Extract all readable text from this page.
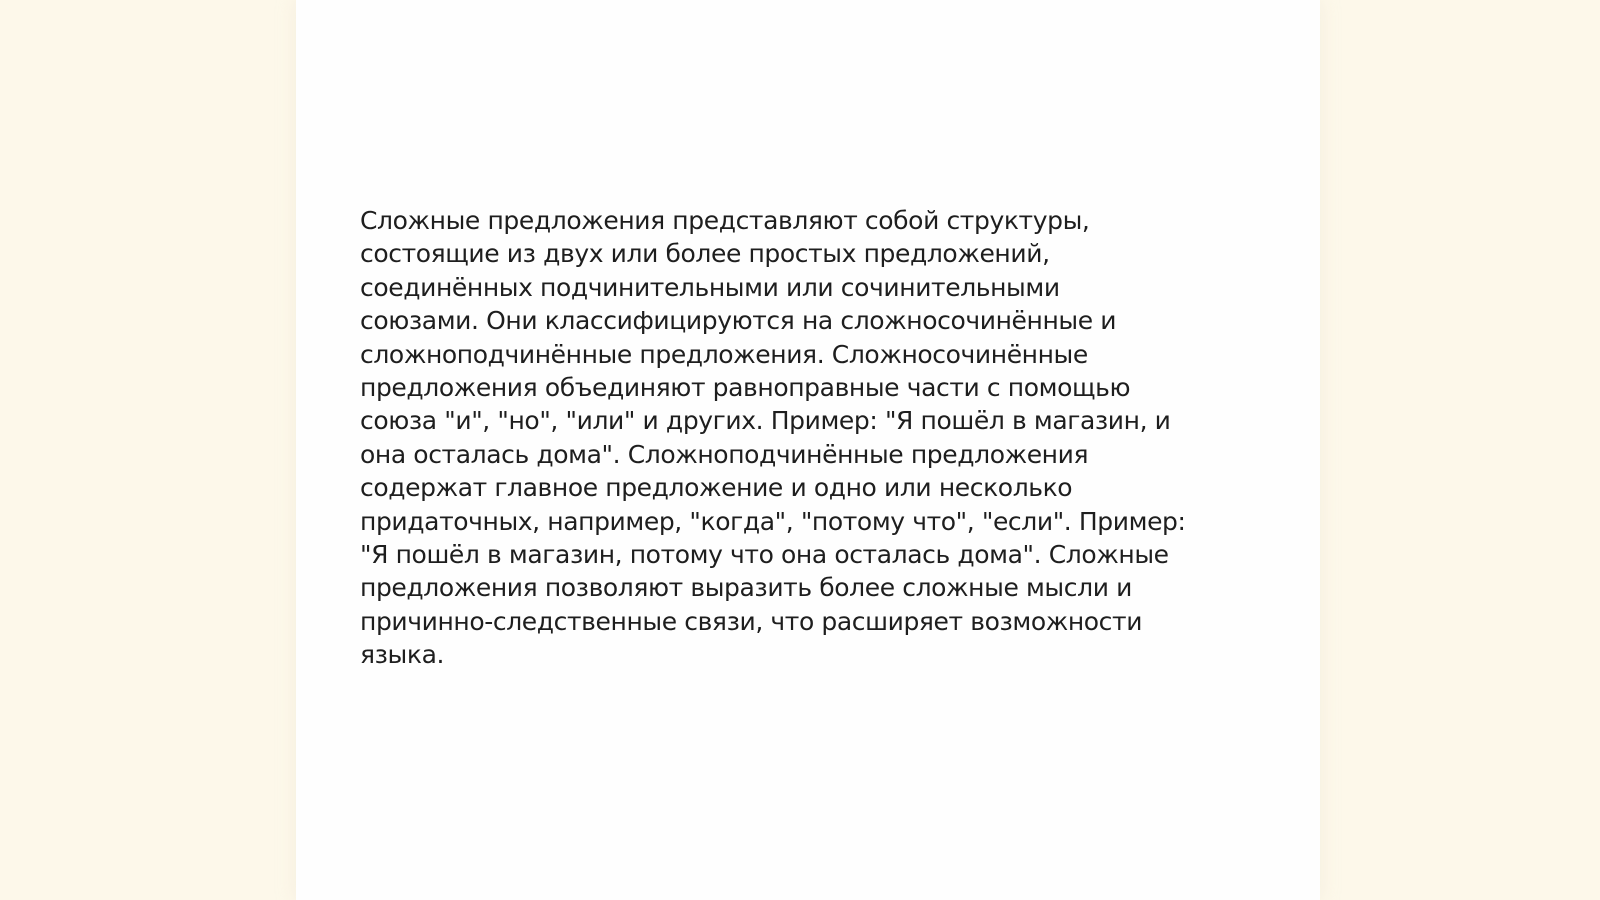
Сложные предложения представляют собой структуры,
состоящие из двух или более простых предложений,
соединённых подчинительными или сочинительными
союзами. Они классифицируются на сложносочинённые и
сложноподчинённые предложения. Сложносочинённые
предложения объединяют равноправные части с помощью
союза "и", "но", "или" и других. Пример: "Я пошёл в магазин, и
она осталась дома". Сложноподчинённые предложения
содержат главное предложение и одно или несколько
придаточных, например, "когда", "потому что", "если". Пример:
"Я пошёл в магазин, потому что она осталась дома". Сложные
предложения позволяют выразить более сложные мысли и
причинно-следственные связи, что расширяет возможности
языка.
